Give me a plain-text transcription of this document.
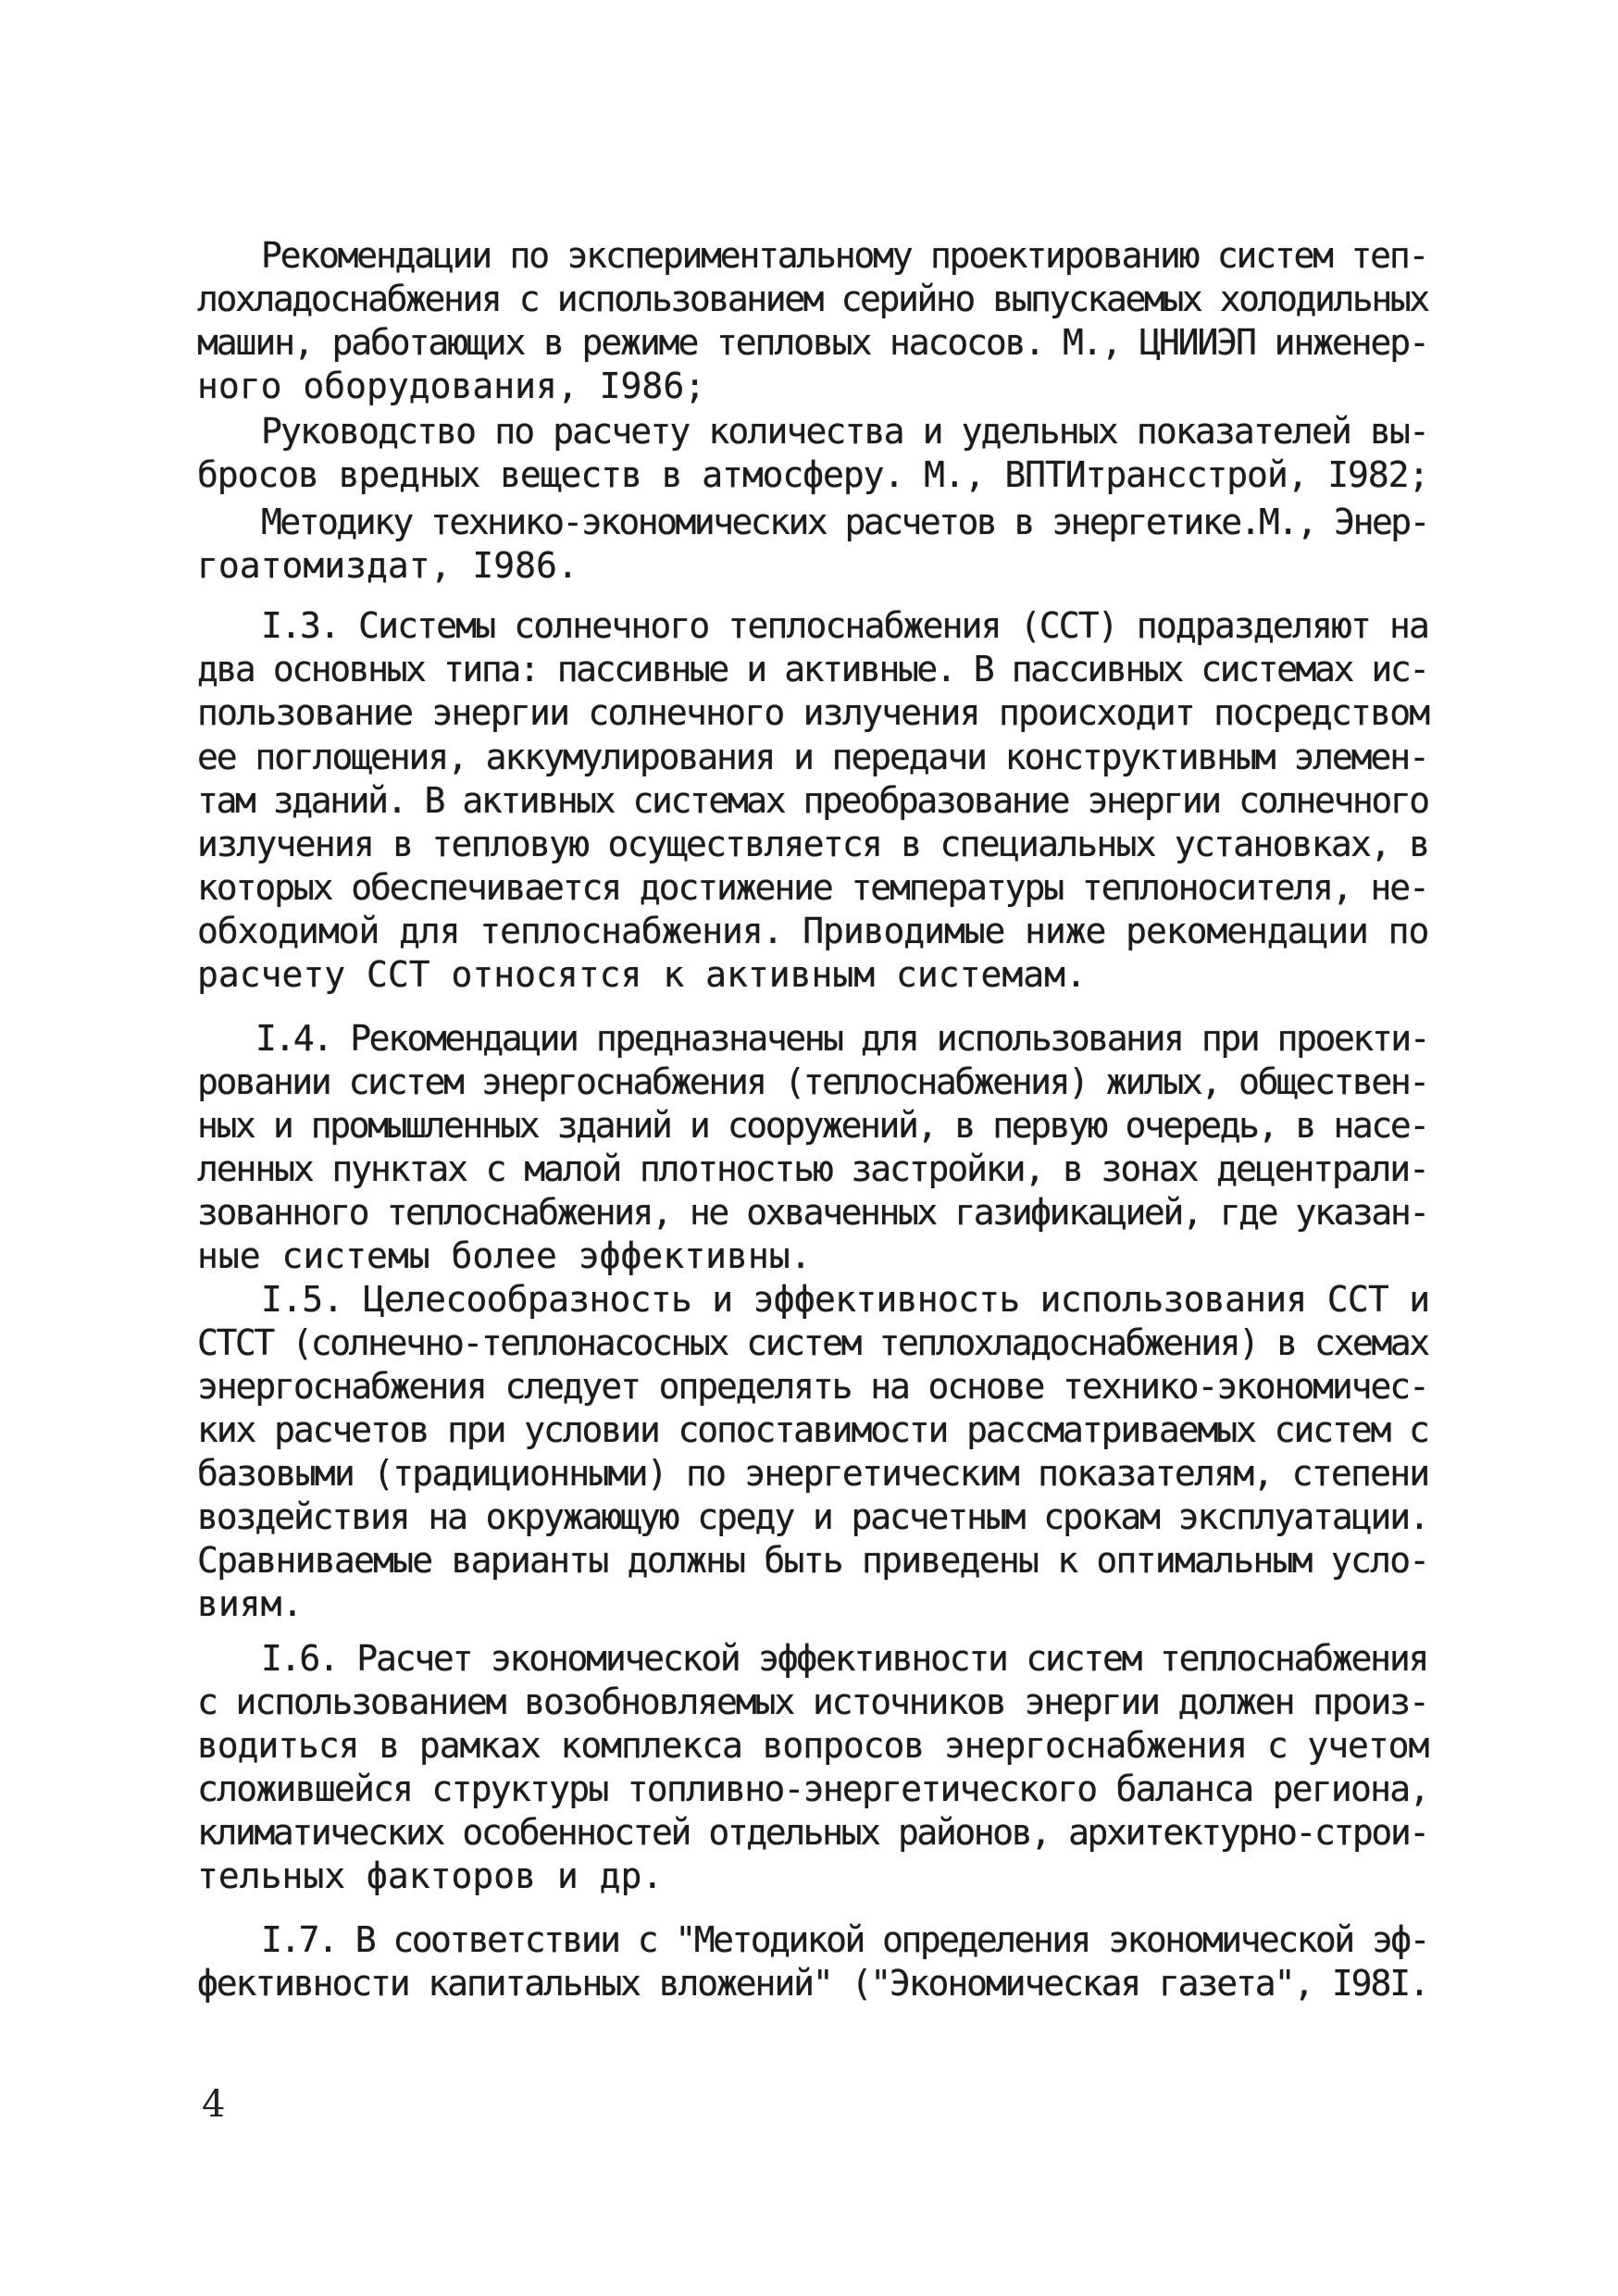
Рекомендации по экспериментальному проектированию систем теп-
лохладоснабжения с использованием серийно выпускаемых холодильных
машин, работающих в режиме тепловых насосов. М., ЦНИИЭП инженер-
ного оборудования, I986;
Руководство по расчету количества и удельных показателей вы-
бросов вредных веществ в атмосферу. М., ВПТИтрансстрой, I982;
Методику технико-экономических расчетов в энергетике.М., Энер-
гоатомиздат, I986.
I.3. Системы солнечного теплоснабжения (ССТ) подразделяют на
два основных типа: пассивные и активные. В пассивных системах ис-
пользование энергии солнечного излучения происходит посредством
ее поглощения, аккумулирования и передачи конструктивным элемен-
там зданий. В активных системах преобразование энергии солнечного
излучения в тепловую осуществляется в специальных установках, в
которых обеспечивается достижение температуры теплоносителя, не-
обходимой для теплоснабжения. Приводимые ниже рекомендации по
расчету ССТ относятся к активным системам.
I.4. Рекомендации предназначены для использования при проекти-
ровании систем энергоснабжения (теплоснабжения) жилых, обществен-
ных и промышленных зданий и сооружений, в первую очередь, в насе-
ленных пунктах с малой плотностью застройки, в зонах децентрали-
зованного теплоснабжения, не охваченных газификацией, где указан-
ные системы более эффективны.
I.5. Целесообразность и эффективность использования ССТ и
СТСТ (солнечно-теплонасосных систем теплохладоснабжения) в схемах
энергоснабжения следует определять на основе технико-экономичес-
ких расчетов при условии сопоставимости рассматриваемых систем с
базовыми (традиционными) по энергетическим показателям, степени
воздействия на окружающую среду и расчетным срокам эксплуатации.
Сравниваемые варианты должны быть приведены к оптимальным усло-
виям.
I.6. Расчет экономической эффективности систем теплоснабжения
с использованием возобновляемых источников энергии должен произ-
водиться в рамках комплекса вопросов энергоснабжения с учетом
сложившейся структуры топливно-энергетического баланса региона,
климатических особенностей отдельных районов, архитектурно-строи-
тельных факторов и др.
I.7. В соответствии с "Методикой определения экономической эф-
фективности капитальных вложений" ("Экономическая газета", I98I.
4
